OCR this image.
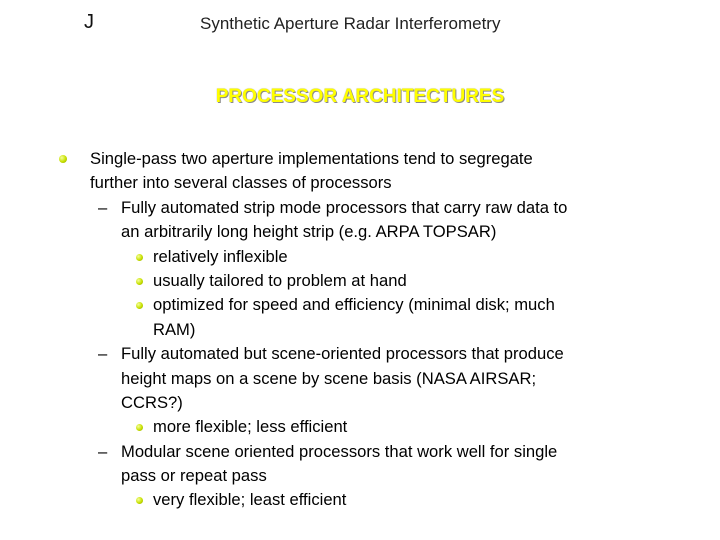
J	Synthetic Aperture Radar Interferometry
PROCESSOR ARCHITECTURES
Single-pass two aperture implementations tend to segregate
further into several classes of processors
– Fully automated strip mode processors that carry raw data to
an arbitrarily long height strip (e.g. ARPA TOPSAR)
relatively inflexible
usually tailored to problem at hand
optimized for speed and efficiency (minimal disk; much
RAM)
– Fully automated but scene-oriented processors that produce
height maps on a scene by scene basis (NASA AIRSAR;
CCRS?)
more flexible; less efficient
– Modular scene oriented processors that work well for single
pass or repeat pass
very flexible; least efficient
